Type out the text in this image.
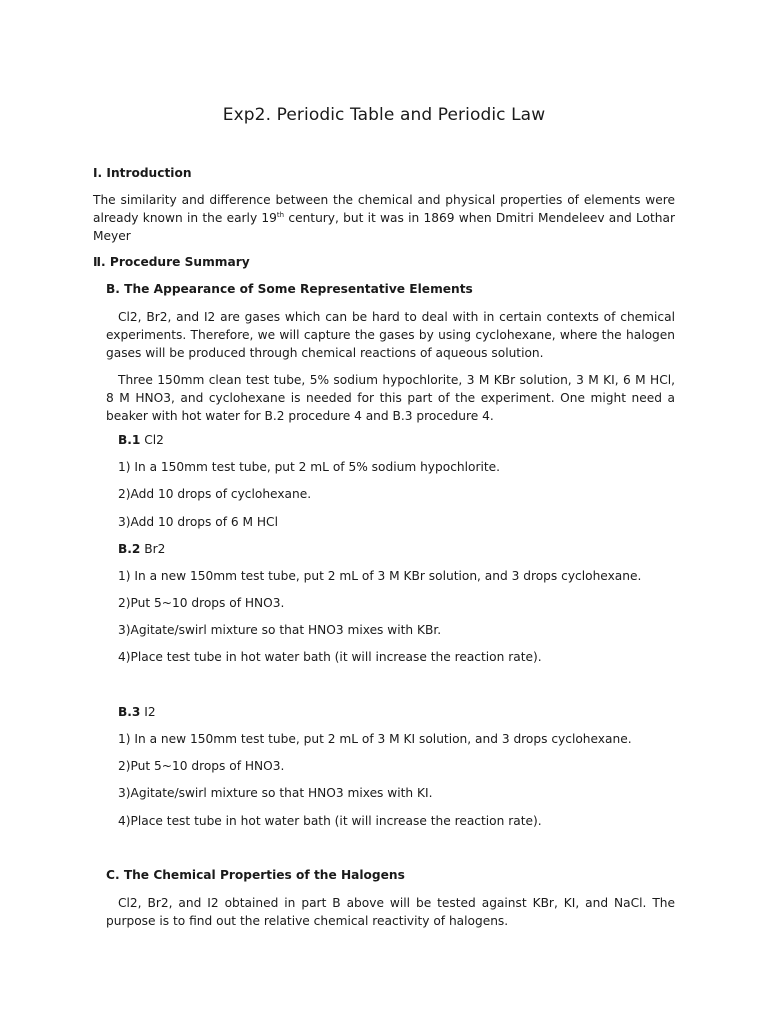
Exp2. Periodic Table and Periodic Law
Ⅰ. Introduction
The similarity and difference between the chemical and physical properties of elements were already known in the early 19th century, but it was in 1869 when Dmitri Mendeleev and Lothar Meyer
Ⅱ. Procedure Summary
B. The Appearance of Some Representative Elements
Cl2, Br2, and I2 are gases which can be hard to deal with in certain contexts of chemical experiments. Therefore, we will capture the gases by using cyclohexane, where the halogen gases will be produced through chemical reactions of aqueous solution.
Three 150mm clean test tube, 5% sodium hypochlorite, 3 M KBr solution, 3 M KI, 6 M HCl, 8 M HNO3, and cyclohexane is needed for this part of the experiment. One might need a beaker with hot water for B.2 procedure 4 and B.3 procedure 4.
B.1 Cl2
1) In a 150mm test tube, put 2 mL of 5% sodium hypochlorite.
2)Add 10 drops of cyclohexane.
3)Add 10 drops of 6 M HCl
B.2 Br2
1) In a new 150mm test tube, put 2 mL of 3 M KBr solution, and 3 drops cyclohexane.
2)Put 5~10 drops of HNO3.
3)Agitate/swirl mixture so that HNO3 mixes with KBr.
4)Place test tube in hot water bath (it will increase the reaction rate).
B.3 I2
1) In a new 150mm test tube, put 2 mL of 3 M KI solution, and 3 drops cyclohexane.
2)Put 5~10 drops of HNO3.
3)Agitate/swirl mixture so that HNO3 mixes with KI.
4)Place test tube in hot water bath (it will increase the reaction rate).
C. The Chemical Properties of the Halogens
Cl2, Br2, and I2 obtained in part B above will be tested against KBr, KI, and NaCl. The purpose is to find out the relative chemical reactivity of halogens.
